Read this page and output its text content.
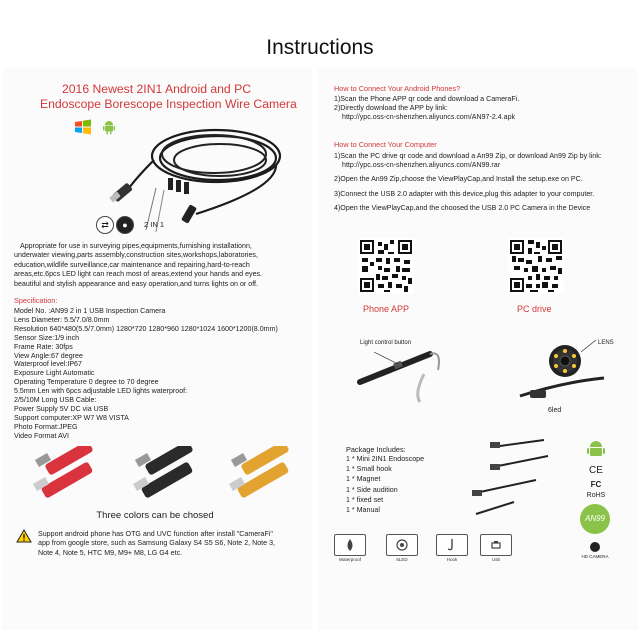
Instructions
2016 Newest 2IN1 Android and PC
Endoscope Borescope Inspection Wire Camera
⇄	●	2 IN 1
Appropriate for use in surveying pipes,equipments,furnishing installationn,
underwater viewing,parts assembly,construction sites,workshops,laboratories,
education,wildlife surveillance,car maintenance and repairing,hard-to-reach
areas,etc.6pcs LED light can reach most of areas,extend your hands and eyes.
beautiful and stylish appearance and easy operation,and turns lights on or off.
Specification:
Model No. :AN99 2 in 1 USB Inspection Camera
Lens Diameter: 5.5/7.0/8.0mm
Resolution 640*480(5.5/7.0mm) 1280*720 1280*960 1280*1024 1600*1200(8.0mm)
Sensor Size:1/9 inch
Frame Rate: 30fps
View Angle:67 degree
Waterproof level:IP67
Exposure Light Automatic
Operating Temperature 0 degree to 70 degree
5.5mm Len with 6pcs adjustable LED lights waterproof:
2/5/10M Long USB Cable:
Power Supply 5V DC via USB
Support computer:XP W7 W8 VISTA
Photo Format:JPEG
Video Format AVI
Three colors can be chosed
Support android phone has OTG and UVC function after install "CameraFi"
app from google store, such as Samsung Galaxy S4 S5 S6, Note 2, Note 3,
Note 4, Note 5, HTC M9, M9+ M8, LG G4 etc.
How to Connect Your Android Phones?
1)Scan the Phone APP qr code and download a CameraFi.
2)Directly download the APP by link:
http://ypc.oss-cn-shenzhen.aliyuncs.com/AN97-2.4.apk
How to Connect Your Computer
1)Scan the PC drive qr code and download a An99 Zip, or download An99 Zip by link:
http://ypc.oss-cn-shenzhen.aliyuncs.com/AN99.rar
2)Open the An99 Zip,choose the ViewPlayCap,and Install the setup.exe on PC.
3)Connect the USB 2.0 adapter with this device,plug this adapter to your computer.
4)Open the ViewPlayCap,and the choosed the USB 2.0 PC Camera in the Device
Phone APP	PC drive
Light control button	LENS
6led
Package Includes:
1 * Mini 2IN1 Endoscope
1 * Small hook
1 * Magnet
1 * Side audition
1 * fixed set
1 * Manual
CE
FC
RoHS
AN99
HD CAMERA
Waterproof	6LED	Hook	Usb
